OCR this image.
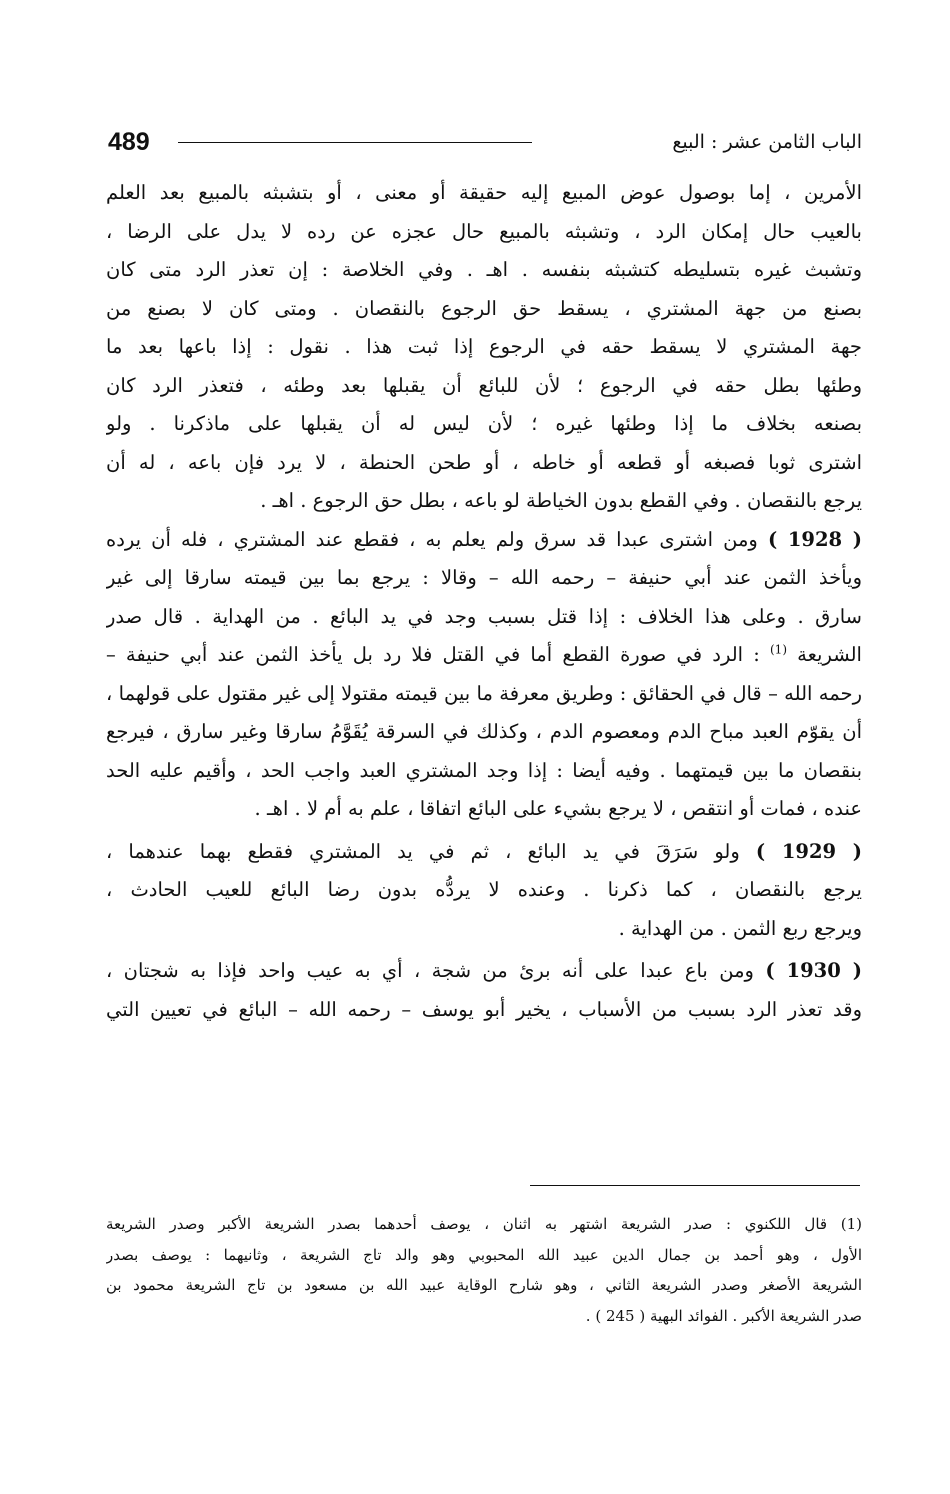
489	الباب الثامن عشر : البيع
الأمرين ، إما بوصول عوض المبيع إليه حقيقة أو معنى ، أو بتشبثه بالمبيع بعد العلم
بالعيب حال إمكان الرد ، وتشبثه بالمبيع حال عجزه عن رده لا يدل على الرضا ،
وتشبث غيره بتسليطه كتشبثه بنفسه . اهـ . وفي الخلاصة : إن تعذر الرد متى كان
بصنع من جهة المشتري ، يسقط حق الرجوع بالنقصان . ومتى كان لا بصنع من
جهة المشتري لا يسقط حقه في الرجوع إذا ثبت هذا . نقول : إذا باعها بعد ما
وطئها بطل حقه في الرجوع ؛ لأن للبائع أن يقبلها بعد وطئه ، فتعذر الرد كان
بصنعه بخلاف ما إذا وطئها غيره ؛ لأن ليس له أن يقبلها على ماذكرنا . ولو
اشترى ثوبا فصبغه أو قطعه أو خاطه ، أو طحن الحنطة ، لا يرد فإن باعه ، له أن
يرجع بالنقصان . وفي القطع بدون الخياطة لو باعه ، بطل حق الرجوع . اهـ .
( 1928 ) ومن اشترى عبدا قد سرق ولم يعلم به ، فقطع عند المشتري ، فله أن يرده
ويأخذ الثمن عند أبي حنيفة – رحمه الله – وقالا : يرجع بما بين قيمته سارقا إلى غير
سارق . وعلى هذا الخلاف : إذا قتل بسبب وجد في يد البائع . من الهداية . قال صدر
الشريعة $^{(1)}$ : الرد في صورة القطع أما في القتل فلا رد بل يأخذ الثمن عند أبي حنيفة –
رحمه الله – قال في الحقائق : وطريق معرفة ما بين قيمته مقتولا إلى غير مقتول على قولهما ،
أن يقوّم العبد مباح الدم ومعصوم الدم ، وكذلك في السرقة يُقَوَّمُ سارقا وغير سارق ، فيرجع
بنقصان ما بين قيمتهما . وفيه أيضا : إذا وجد المشتري العبد واجب الحد ، وأقيم عليه الحد
عنده ، فمات أو انتقص ، لا يرجع بشيء على البائع اتفاقا ، علم به أم لا . اهـ .
( 1929 ) ولو سَرَقَ في يد البائع ، ثم في يد المشتري فقطع بهما عندهما ،
يرجع بالنقصان ، كما ذكرنا . وعنده لا يردُّه بدون رضا البائع للعيب الحادث ،
ويرجع ربع الثمن . من الهداية .
( 1930 ) ومن باع عبدا على أنه برئ من شجة ، أي به عيب واحد فإذا به شجتان ،
وقد تعذر الرد بسبب من الأسباب ، يخير أبو يوسف – رحمه الله – البائع في تعيين التي
(1) قال اللكنوي : صدر الشريعة اشتهر به اثنان ، يوصف أحدهما بصدر الشريعة الأكبر وصدر الشريعة
الأول ، وهو أحمد بن جمال الدين عبيد الله المحبوبي وهو والد تاج الشريعة ، وثانيهما : يوصف بصدر
الشريعة الأصغر وصدر الشريعة الثاني ، وهو شارح الوقاية عبيد الله بن مسعود بن تاج الشريعة محمود بن
صدر الشريعة الأكبر . الفوائد البهية ( 245 ) .
